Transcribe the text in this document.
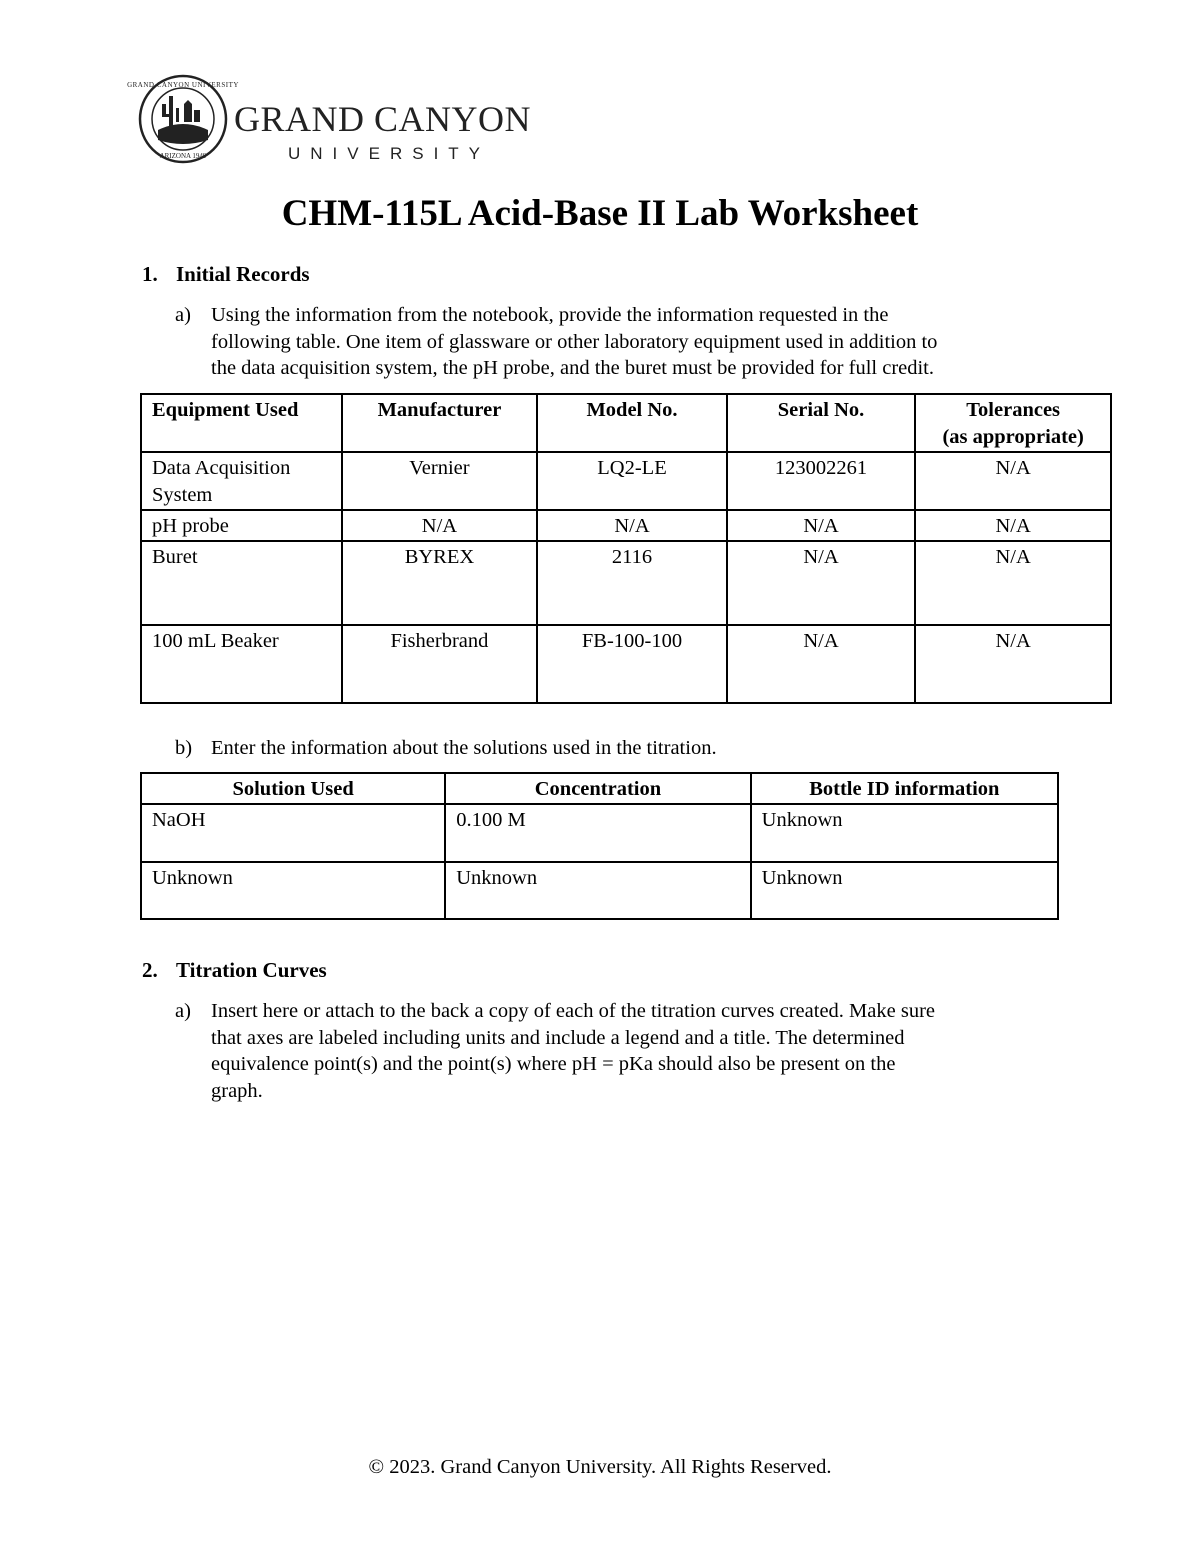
GRAND CANYON UNIVERSITY
ARIZONA 1949
GRAND CANYON
UNIVERSITY
CHM-115L Acid-Base II Lab Worksheet
1. Initial Records
a) Using the information from the notebook, provide the information requested in the
following table. One item of glassware or other laboratory equipment used in addition to
the data acquisition system, the pH probe, and the buret must be provided for full credit.
Equipment Used	Manufacturer	Model No.	Serial No.	Tolerances
(as appropriate)

Data Acquisition System	Vernier	LQ2-LE	123002261	N/A
pH probe	N/A	N/A	N/A	N/A
Buret	BYREX	2116	N/A	N/A
100 mL Beaker	Fisherbrand	FB-100-100	N/A	N/A
b) Enter the information about the solutions used in the titration.
Solution Used	Concentration	Bottle ID information
NaOH	0.100 M	Unknown
Unknown	Unknown	Unknown
2. Titration Curves
a) Insert here or attach to the back a copy of each of the titration curves created. Make sure
that axes are labeled including units and include a legend and a title. The determined
equivalence point(s) and the point(s) where pH = pKa should also be present on the
graph.
© 2023. Grand Canyon University. All Rights Reserved.
